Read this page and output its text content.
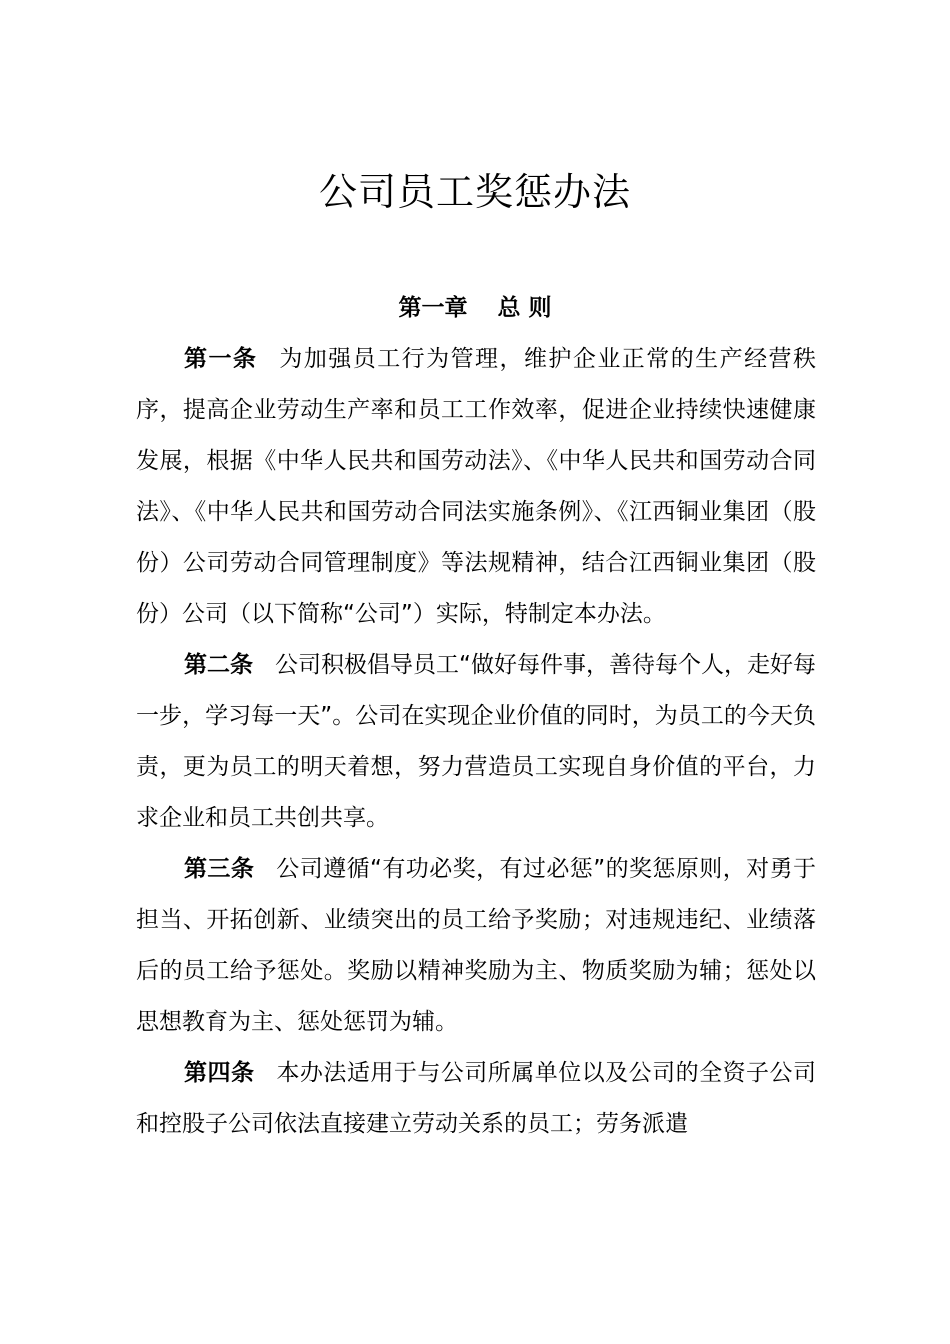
公司员工奖惩办法
第一章 总 则

第一条 为加强员工行为管理，维护企业正常的生产经营秩序，提高企业劳动生产率和员工工作效率，促进企业持续快速健康发展，根据《中华人民共和国劳动法》、《中华人民共和国劳动合同法》、《中华人民共和国劳动合同法实施条例》、《江西铜业集团（股份）公司劳动合同管理制度》等法规精神，结合江西铜业集团（股份）公司（以下简称“公司”）实际，特制定本办法。

第二条 公司积极倡导员工“做好每件事，善待每个人，走好每一步，学习每一天”。公司在实现企业价值的同时，为员工的今天负责，更为员工的明天着想，努力营造员工实现自身价值的平台，力求企业和员工共创共享。

第三条 公司遵循“有功必奖，有过必惩”的奖惩原则，对勇于担当、开拓创新、业绩突出的员工给予奖励；对违规违纪、业绩落后的员工给予惩处。奖励以精神奖励为主、物质奖励为辅；惩处以思想教育为主、惩处惩罚为辅。

第四条 本办法适用于与公司所属单位以及公司的全资子公司和控股子公司依法直接建立劳动关系的员工；劳务派遣
